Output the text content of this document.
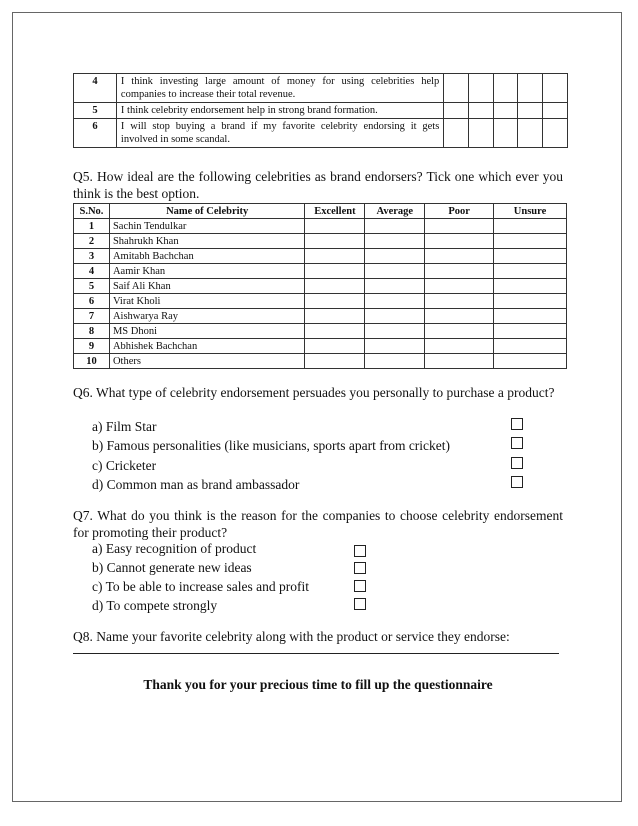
4	I think investing large amount of money for using celebrities help companies to increase their total revenue.					
5	I think celebrity endorsement help in strong brand formation.					
6	I will stop buying a brand if my favorite celebrity endorsing it gets involved in some scandal.					
Q5. How ideal are the following celebrities as brand endorsers? Tick one which ever you think is the best option.
S.No.	Name of Celebrity	Excellent	Average	Poor	Unsure
1	Sachin Tendulkar				
2	Shahrukh Khan				
3	Amitabh Bachchan				
4	Aamir Khan				
5	Saif Ali Khan				
6	Virat Kholi				
7	Aishwarya Ray				
8	MS Dhoni				
9	Abhishek Bachchan				
10	Others				
Q6. What type of celebrity endorsement persuades you personally to purchase a product?
a) Film Star
b) Famous personalities (like musicians, sports apart from cricket)
c) Cricketer
d) Common man as brand ambassador
Q7. What do you think is the reason for the companies to choose celebrity endorsement for promoting their product?
a) Easy recognition of product
b) Cannot generate new ideas
c) To be able to increase sales and profit
d) To compete strongly
Q8. Name your favorite celebrity along with the product or service they endorse:
Thank you for your precious time to fill up the questionnaire
